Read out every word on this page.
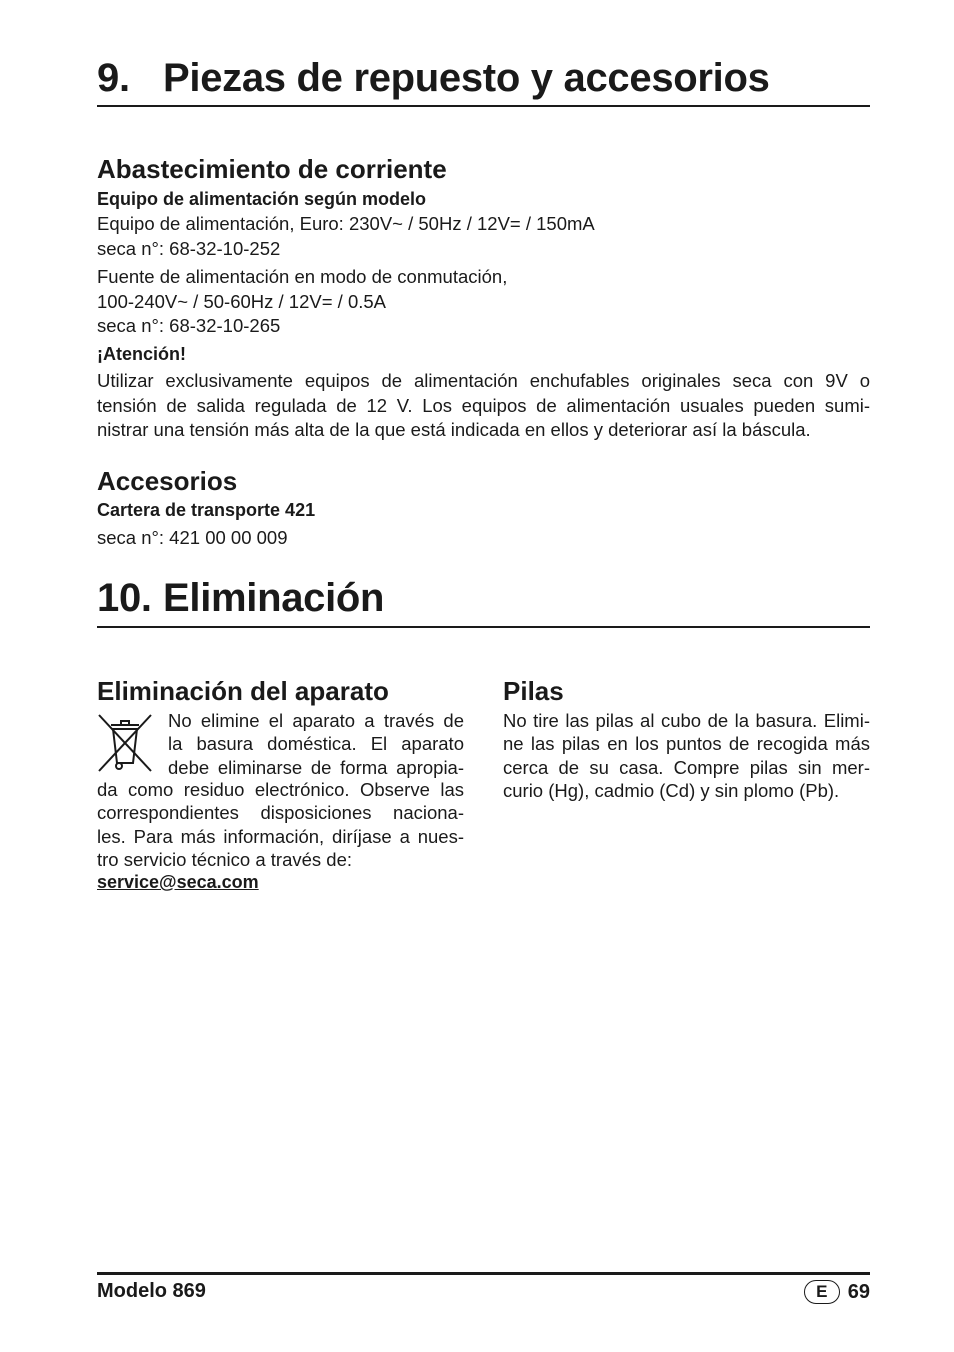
9. Piezas de repuesto y accesorios
Abastecimiento de corriente
Equipo de alimentación según modelo
Equipo de alimentación, Euro: 230V~ / 50Hz / 12V= / 150mA
seca n°: 68-32-10-252
Fuente de alimentación en modo de conmutación,
100-240V~ / 50-60Hz / 12V= / 0.5A
seca n°: 68-32-10-265
¡Atención!
Utilizar exclusivamente equipos de alimentación enchufables originales seca con 9V o
tensión de salida regulada de 12 V. Los equipos de alimentación usuales pueden sumi-
nistrar una tensión más alta de la que está indicada en ellos y deteriorar así la báscula.
Accesorios
Cartera de transporte 421
seca n°: 421 00 00 009
10. Eliminación
Eliminación del aparato
No elimine el aparato a través de
la basura doméstica. El aparato
debe eliminarse de forma apropia-
da como residuo electrónico. Observe las
correspondientes disposiciones naciona-
les. Para más información, diríjase a nues-
tro servicio técnico a través de:
service@seca.com
Pilas
No tire las pilas al cubo de la basura. Elimi-
ne las pilas en los puntos de recogida más
cerca de su casa. Compre pilas sin mer-
curio (Hg), cadmio (Cd) y sin plomo (Pb).
Modelo 869	E	69
